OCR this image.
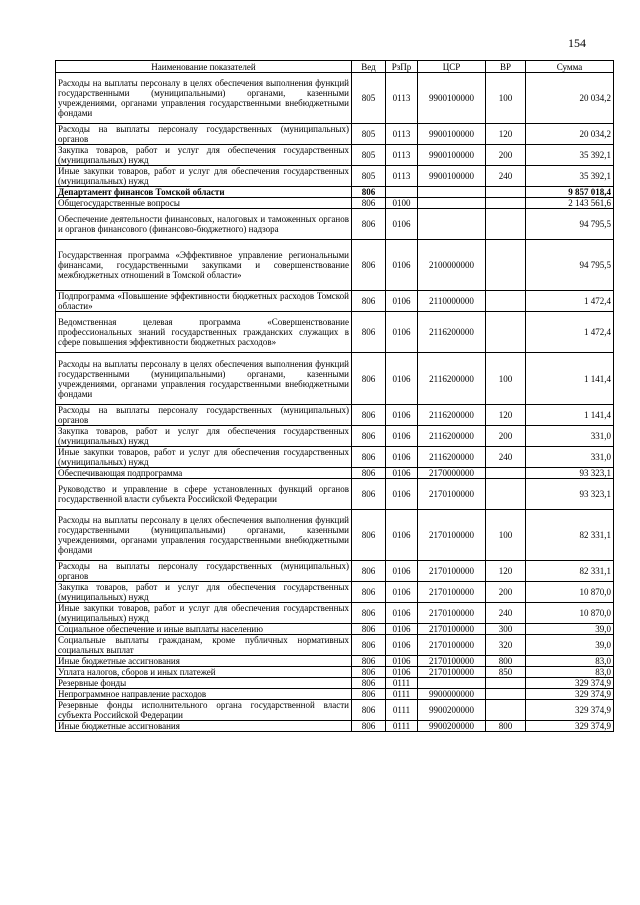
154
Наименование показателей	Вед	РзПр	ЦСР	ВР	Сумма
Расходы на выплаты персоналу в целях обеспечения выполнения функций государственными (муниципальными) органами, казенными учреждениями, органами управления государственными внебюджетными фондами	805	0113	9900100000	100	20 034,2
Расходы на выплаты персоналу государственных (муниципальных) органов	805	0113	9900100000	120	20 034,2
Закупка товаров, работ и услуг для обеспечения государственных (муниципальных) нужд	805	0113	9900100000	200	35 392,1
Иные закупки товаров, работ и услуг для обеспечения государственных (муниципальных) нужд	805	0113	9900100000	240	35 392,1
Департамент финансов Томской области	806				9 857 018,4
Общегосударственные вопросы	806	0100			2 143 561,6
Обеспечение деятельности финансовых, налоговых и таможенных органов и органов финансового (финансово-бюджетного) надзора	806	0106			94 795,5
Государственная программа «Эффективное управление региональными финансами, государственными закупками и совершенствование межбюджетных отношений в Томской области»	806	0106	2100000000		94 795,5
Подпрограмма «Повышение эффективности бюджетных расходов Томской области»	806	0106	2110000000		1 472,4
Ведомственная целевая программа «Совершенствование профессиональных знаний государственных гражданских служащих в сфере повышения эффективности бюджетных расходов»	806	0106	2116200000		1 472,4
Расходы на выплаты персоналу в целях обеспечения выполнения функций государственными (муниципальными) органами, казенными учреждениями, органами управления государственными внебюджетными фондами	806	0106	2116200000	100	1 141,4
Расходы на выплаты персоналу государственных (муниципальных) органов	806	0106	2116200000	120	1 141,4
Закупка товаров, работ и услуг для обеспечения государственных (муниципальных) нужд	806	0106	2116200000	200	331,0
Иные закупки товаров, работ и услуг для обеспечения государственных (муниципальных) нужд	806	0106	2116200000	240	331,0
Обеспечивающая подпрограмма	806	0106	2170000000		93 323,1
Руководство и управление в сфере установленных функций органов государственной власти субъекта Российской Федерации	806	0106	2170100000		93 323,1
Расходы на выплаты персоналу в целях обеспечения выполнения функций государственными (муниципальными) органами, казенными учреждениями, органами управления государственными внебюджетными фондами	806	0106	2170100000	100	82 331,1
Расходы на выплаты персоналу государственных (муниципальных) органов	806	0106	2170100000	120	82 331,1
Закупка товаров, работ и услуг для обеспечения государственных (муниципальных) нужд	806	0106	2170100000	200	10 870,0
Иные закупки товаров, работ и услуг для обеспечения государственных (муниципальных) нужд	806	0106	2170100000	240	10 870,0
Социальное обеспечение и иные выплаты населению	806	0106	2170100000	300	39,0
Социальные выплаты гражданам, кроме публичных нормативных социальных выплат	806	0106	2170100000	320	39,0
Иные бюджетные ассигнования	806	0106	2170100000	800	83,0
Уплата налогов, сборов и иных платежей	806	0106	2170100000	850	83,0
Резервные фонды	806	0111			329 374,9
Непрограммное направление расходов	806	0111	9900000000		329 374,9
Резервные фонды исполнительного органа государственной власти субъекта Российской Федерации	806	0111	9900200000		329 374,9
Иные бюджетные ассигнования	806	0111	9900200000	800	329 374,9
